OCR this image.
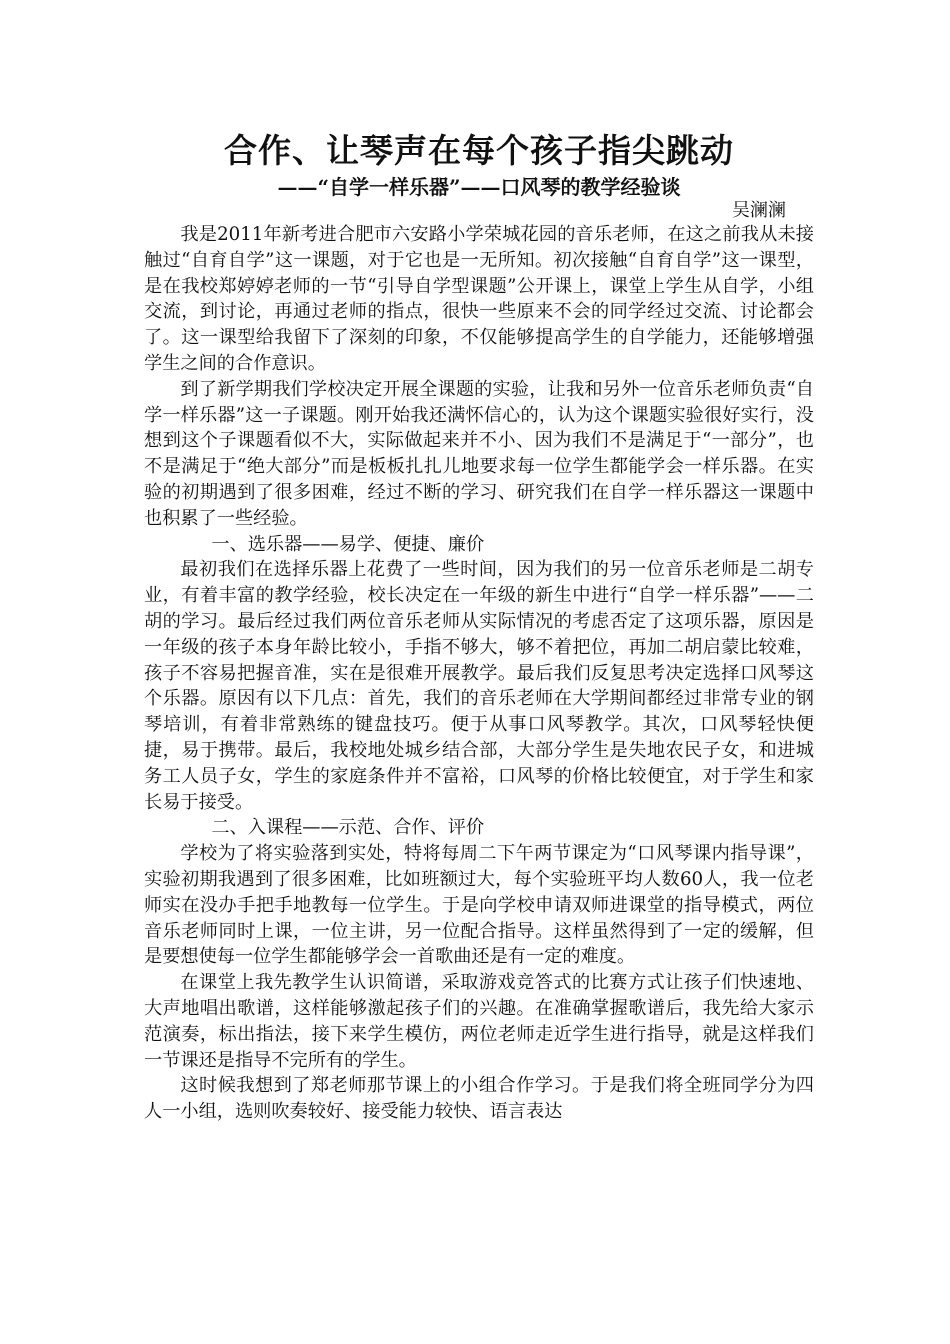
合作、让琴声在每个孩子指尖跳动
——“自学一样乐器”——口风琴的教学经验谈

吴澜澜

我是2011年新考进合肥市六安路小学荣城花园的音乐老师，在这之前我从未接触过“自育自学”这一课题，对于它也是一无所知。初次接触“自育自学”这一课型，是在我校郑婷婷老师的一节“引导自学型课题”公开课上，课堂上学生从自学，小组交流，到讨论，再通过老师的指点，很快一些原来不会的同学经过交流、讨论都会了。这一课型给我留下了深刻的印象，不仅能够提高学生的自学能力，还能够增强学生之间的合作意识。

到了新学期我们学校决定开展全课题的实验，让我和另外一位音乐老师负责“自学一样乐器”这一子课题。刚开始我还满怀信心的，认为这个课题实验很好实行，没想到这个子课题看似不大，实际做起来并不小、因为我们不是满足于“一部分”，也不是满足于“绝大部分”而是板板扎扎儿地要求每一位学生都能学会一样乐器。在实验的初期遇到了很多困难，经过不断的学习、研究我们在自学一样乐器这一课题中也积累了一些经验。

一、选乐器——易学、便捷、廉价

最初我们在选择乐器上花费了一些时间，因为我们的另一位音乐老师是二胡专业，有着丰富的教学经验，校长决定在一年级的新生中进行“自学一样乐器”——二胡的学习。最后经过我们两位音乐老师从实际情况的考虑否定了这项乐器，原因是一年级的孩子本身年龄比较小，手指不够大，够不着把位，再加二胡启蒙比较难，孩子不容易把握音准，实在是很难开展教学。最后我们反复思考决定选择口风琴这个乐器。原因有以下几点：首先，我们的音乐老师在大学期间都经过非常专业的钢琴培训，有着非常熟练的键盘技巧。便于从事口风琴教学。其次，口风琴轻快便捷，易于携带。最后，我校地处城乡结合部，大部分学生是失地农民子女，和进城务工人员子女，学生的家庭条件并不富裕，口风琴的价格比较便宜，对于学生和家长易于接受。

二、入课程——示范、合作、评价

学校为了将实验落到实处，特将每周二下午两节课定为“口风琴课内指导课”，实验初期我遇到了很多困难，比如班额过大，每个实验班平均人数60人，我一位老师实在没办手把手地教每一位学生。于是向学校申请双师进课堂的指导模式，两位音乐老师同时上课，一位主讲，另一位配合指导。这样虽然得到了一定的缓解，但是要想使每一位学生都能够学会一首歌曲还是有一定的难度。

在课堂上我先教学生认识简谱，采取游戏竞答式的比赛方式让孩子们快速地、大声地唱出歌谱，这样能够激起孩子们的兴趣。在准确掌握歌谱后，我先给大家示范演奏，标出指法，接下来学生模仿，两位老师走近学生进行指导，就是这样我们一节课还是指导不完所有的学生。

这时候我想到了郑老师那节课上的小组合作学习。于是我们将全班同学分为四人一小组，选则吹奏较好、接受能力较快、语言表达
